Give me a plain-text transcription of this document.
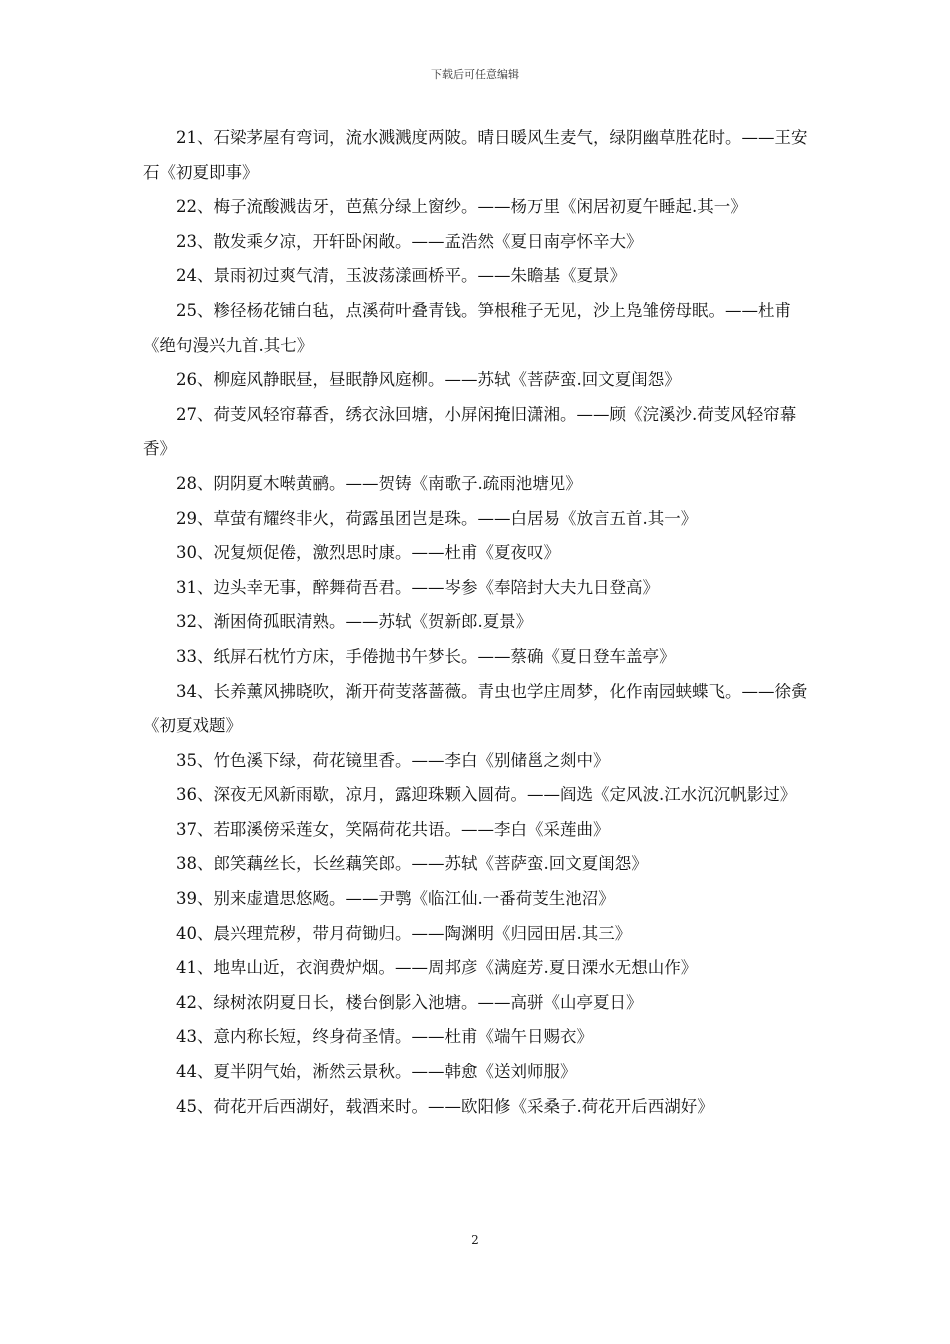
下载后可任意编辑

21、石梁茅屋有弯词，流水溅溅度两陂。晴日暖风生麦气，绿阴幽草胜花时。——王安石《初夏即事》

22、梅子流酸溅齿牙，芭蕉分绿上窗纱。——杨万里《闲居初夏午睡起.其一》

23、散发乘夕凉，开轩卧闲敞。——孟浩然《夏日南亭怀辛大》

24、景雨初过爽气清，玉波荡漾画桥平。——朱瞻基《夏景》

25、糁径杨花铺白毡，点溪荷叶叠青钱。笋根稚子无见，沙上凫雏傍母眠。——杜甫《绝句漫兴九首.其七》

26、柳庭风静眠昼，昼眠静风庭柳。——苏轼《菩萨蛮.回文夏闺怨》

27、荷芰风轻帘幕香，绣衣泳回塘，小屏闲掩旧潇湘。——顾《浣溪沙.荷芰风轻帘幕香》

28、阴阴夏木啭黄鹂。——贺铸《南歌子.疏雨池塘见》

29、草萤有耀终非火，荷露虽团岂是珠。——白居易《放言五首.其一》

30、况复烦促倦，激烈思时康。——杜甫《夏夜叹》

31、边头幸无事，醉舞荷吾君。——岑参《奉陪封大夫九日登高》

32、渐困倚孤眠清熟。——苏轼《贺新郎.夏景》

33、纸屏石枕竹方床，手倦抛书午梦长。——蔡确《夏日登车盖亭》

34、长养薰风拂晓吹，渐开荷芰落蔷薇。青虫也学庄周梦，化作南园蛱蝶飞。——徐夤《初夏戏题》

35、竹色溪下绿，荷花镜里香。——李白《别储邕之剡中》

36、深夜无风新雨歇，凉月，露迎珠颗入圆荷。——阎选《定风波.江水沉沉帆影过》

37、若耶溪傍采莲女，笑隔荷花共语。——李白《采莲曲》

38、郎笑藕丝长，长丝藕笑郎。——苏轼《菩萨蛮.回文夏闺怨》

39、别来虚遣思悠飏。——尹鹗《临江仙.一番荷芰生池沼》

40、晨兴理荒秽，带月荷锄归。——陶渊明《归园田居.其三》

41、地卑山近，衣润费炉烟。——周邦彦《满庭芳.夏日溧水无想山作》

42、绿树浓阴夏日长，楼台倒影入池塘。——高骈《山亭夏日》

43、意内称长短，终身荷圣情。——杜甫《端午日赐衣》

44、夏半阴气始，淅然云景秋。——韩愈《送刘师服》

45、荷花开后西湖好，载酒来时。——欧阳修《采桑子.荷花开后西湖好》

2
